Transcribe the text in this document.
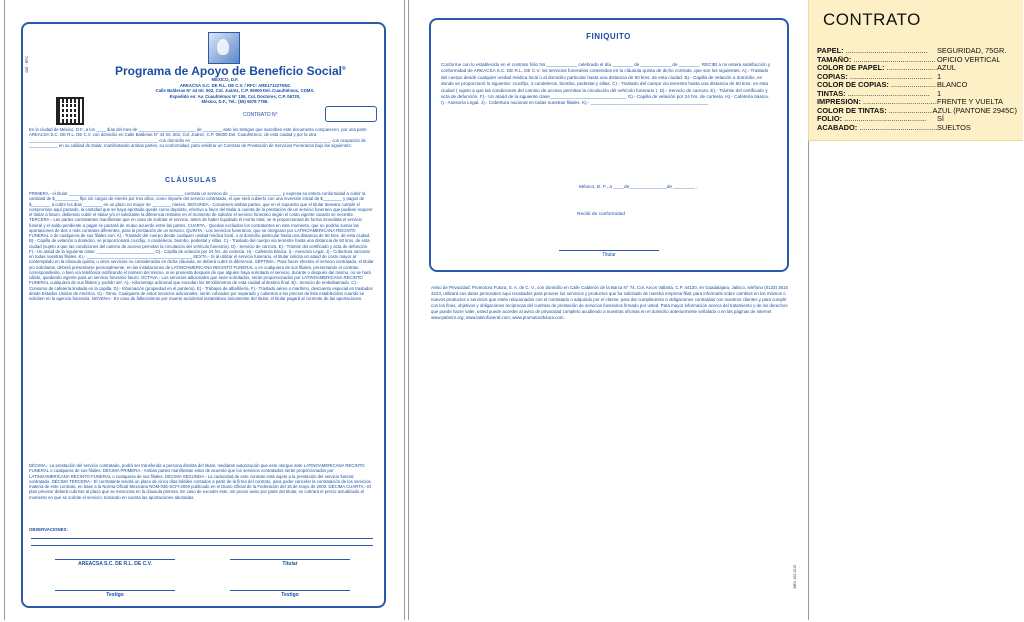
SAT · RFC	Programa de Apoyo de Beneficio Social®
MÉXICO, D.F.
AREACSA S.C. DE R.L. DE C.V. / RFC: ARE171227NN1
Calle Balderas N° 44 Int. 502, Col. Juárez, C.P. 06000 Del. Cuauhtémoc, CDMX.
Expedido en: Av. Cuauhtémoc N° 106, Col. Doctores, C.P. 06720,
México, D.F., Tel.: (55) 5578 7786.
CONTRATO N°
En la ciudad de México, D.F., a los ____ días del mes de ________________________ de ________ ante los testigos que suscriben este documento comparecen, por una parte AREACSA S.C. DE R.L. DE C.V. con domicilio en Calle Balderas N° 44 Int. 502, Col. Juárez, C.P. 06000 Del. Cuauhtémoc, de esta ciudad y por la otra ______________________________________________________ con domicilio en __________________________________________________________, con ocupación de ____________ en su calidad de titular, manifestando ambas partes, su conformidad, para celebrar un Contrato de Prestación de Servicios Funerarios bajo las siguientes:
CLÁUSULAS
PRIMERA.- el titular ________________________________________________ contrata un servicio de ______________________ y expresa su entera conformidad a cubrir la cantidad de $__________ flps sin cargos de interés por tres años, como importe del servicio contratado, el que será cubierto con una inversión inicial de $________ y pagos de $________ a cubrir los días ________ en un plazo no mayor de ________ meses. SEGUNDA.- Convienen ambas partes, que en el supuesto que el titular deseara cumplir el compromiso aquí pactado, la cantidad que se haya aportado quede como depósito, efectivo a favor del titular a cuenta de la prestación de un servicio funerario que pudiese requerir el titular a futuro, debiendo cubrir el titular y/o el solicitante la diferencia restante en el momento de solicitar el servicio funerario según el costo vigente cuando se necesite. TERCERA.- Las partes contratantes manifiestan que en caso de solicitar el servicio, antes de haber liquidado el monto total, se le proporcionará de forma inmediata el servicio funeral y el saldo pendiente a pagar se pactará de mutuo acuerdo entre las partes. CUARTA.- Quedan excluidos los contratantes en este momento, que no podrán sumar las aportaciones de dos o más contratos diferentes, para la prestación de un servicio. QUINTA.- Los servicios funerarios, que se otorgaran por LATINOAMERICANA RECINTO FUNERAL o de cualquiera de sus filiales son: A).- Traslado del cuerpo desde cualquier unidad médica local, o al domicilio particular hasta una distancia de 50 kms. de esta ciudad. B).- Capilla de velación a domicilio, se proporcionará crucifijo, 4 candeleros, biombo, pedestal y sillas. C).- Traslado del cuerpo vía terrestre hasta una distancia de 50 kms. de esta ciudad (sujeto a que las condiciones del camino de acceso permitan la circulación del vehículo funerario). D).- Servicio de carroza. E).- Trámite del certificado y acta de defunción. F).- Un ataúd de la siguiente clase: ________________________ G).- Capilla de velación por 24 hrs. de cortesía. H).- Cafetería básica. I).- Asesoría Legal. J).- Cobertura nacional en todas nuestras filiales. K).- ____________________________________________ SEXTA.- Si al utilizar el servicio funerario, el titular solicita un ataúd de costo mayor al contemplado en la cláusula quinta, u otros servicios no considerados en dicha cláusula, se deberá cubrir la diferencia. SÉPTIMA.- Para hacer efectivo el servicio contratado, el titular y/o solicitante, deberá presentarse personalmente, en las instalaciones de LATINOAMERICANA RECINTO FUNERAL o en cualquiera de sus filiales, presentando el contrato correspondiente, o bien vía telefónica notificando el número del mismo, si se presenta después de que alguien haya solicitado el servicio, durante o después del mismo, no se hará válido, quedando vigente para un servicio funerario futuro. OCTAVA.- Los servicios adicionales que sean solicitados, serán proporcionados por LATINOAMERICANA RECINTO FUNERAL cualquiera de sus filiales y podrán ser: A).- Kilometraje adicional que excedan los 50 kilómetros de esta ciudad al destino final. B).- Servicio de embalsamado. C).- Consumo de cafetería limitada en la capilla. D).- Inhumación (propiedad en el panteón). E).- Trabajos de albañilería. F).- Traslado aéreo o marítimo, descuento especial en traslados desde Estados Unidos de América. G).- Otros. Cualquiera de estos servicios adicionales, serán cobrados por separado y cubiertos a los precios de lista establecidos cuando se soliciten en la agencia funeraria. NOVENA.- En caso de fallecimiento por muerte accidental instantáneo únicamente del titular, el titular pagará al corriente de las aportaciones.
DÉCIMA.- La prestación del servicio contratado, podrá ser transferida a persona distinta del titular, mediante autorización que este otorgue ante LATINOAMERICANA RECINTO FUNERAL o cualquiera de sus filiales. DÉCIMA PRIMERA.- Ambas partes manifiestan estar de acuerdo que los servicios contratados serán proporcionados por LATINOAMERICANA RECINTO FUNERAL o cualquiera de sus filiales. DÉCIMA SEGUNDA.- La caducidad de este contrato está sujeto a la prestación del servicio funeral contratado. DÉCIMA TERCERA.- El contratante tendrá un plazo de cinco días hábiles contados a partir de la firma del contrato, para poder cancelar la contratación de los servicios materia de este contrato, en base a la Norma Oficial Mexicana NOM-036-SCFI-2000 publicado en el Diario Oficial de la Federación del 15 de mayo de 2000. DÉCIMA CUARTA.- El plan previsor deberá cubrirse al plazo que se menciona en la cláusula primera. En caso de exceder éste, sin previo aviso por parte del titular, se cobrará el precio actualizado al momento en que se solicite el servicio, tomando en cuenta las aportaciones abonadas.
OBSERVACIONES:
AREACSA S.C. DE R.L. DE C.V.	Titular
Testigo	Testigo
FINIQUITO
Conforme con lo establecido en el contrato folio No.____________ celebrado el día ________ de ____________ de ________. RECIBÍ a mi entera satisfacción y conformidad de AREACSA S.C. DE R.L. DE C.V. los servicios funerarios contenidos en la cláusula quinta de dicho contrato, que son los siguientes: A).- Traslado del cuerpo desde cualquier unidad médica local o al domicilio particular hasta una distancia de 50 kms. de esta ciudad. B).- Capilla de velación a domicilio, en donde se proporcionó lo siguiente: crucifijo, 4 candeleros, biombo, pedestal y sillas. C).- Traslado del cuerpo vía terrestre hasta una distancia de 50 kms. en esta ciudad ( sujeto a que las condiciones del camino de acceso permitan la circulación del vehículo funerario ). D).- Servicio de carroza. E).- Trámite del certificado y acta de defunción. F).- Un ataúd de la siguiente clase______________________________ G).- Capilla de velación por 24 hrs. de cortesía. H).- Cafetería básica. I).- Asesoría Legal. J).- Cobertura nacional en todas nuestras filiales. K).- ______________________________________________
México, D. F., a ____de______________de ________ .
Recibí de conformidad
Titular
Aviso de Privacidad: Promotora Futura, S. A. de C. V., con domicilio en Calle Calderón de la Barca N° 74, Col. Arcos Vallarta, C.P. 44130, en Guadalajara, Jalisco, teléfono (0133) 3615 3223, utilizará sus datos personales aquí recabados para proveer los servicios y productos que ha solicitado de nuestra empresa filial; para informarle sobre cambios en los mismos o nuevos productos o servicios que estén relacionados con el contratado o adquirido por el cliente; para dar cumplimiento a obligaciones contraídas con nuestros clientes y para cumplir con los fines, objetivos y obligaciones recíprocas del contrato de prestación de servicios funerarios firmado por usted. Para mayor información acerca del tratamiento y de los derechos que puede hacer valer, usted puede acceder al aviso de privacidad completo acudiendo a nuestras oficinas en el domicilio anteriormente señalado o en las páginas de internet www.pabsmr.org; www.latinofuneral.com; www.promotorafutura.com.
MEX 102-1015
CONTRATO
PAPEL: .....	SEGURIDAD, 75GR.
TAMAÑO: .....	OFICIO VERTICAL
COLOR DE PAPEL: .....	AZUL
COPIAS: .....	1
COLOR DE COPIAS: .....	BLANCO
TINTAS: .....	1
IMPRESIÓN: .....	FRENTE Y VUELTA
COLOR DE TINTAS: .....	AZUL (PANTONE 2945C)
FOLIO: .....	SÍ
ACABADO: .....	SUELTOS
